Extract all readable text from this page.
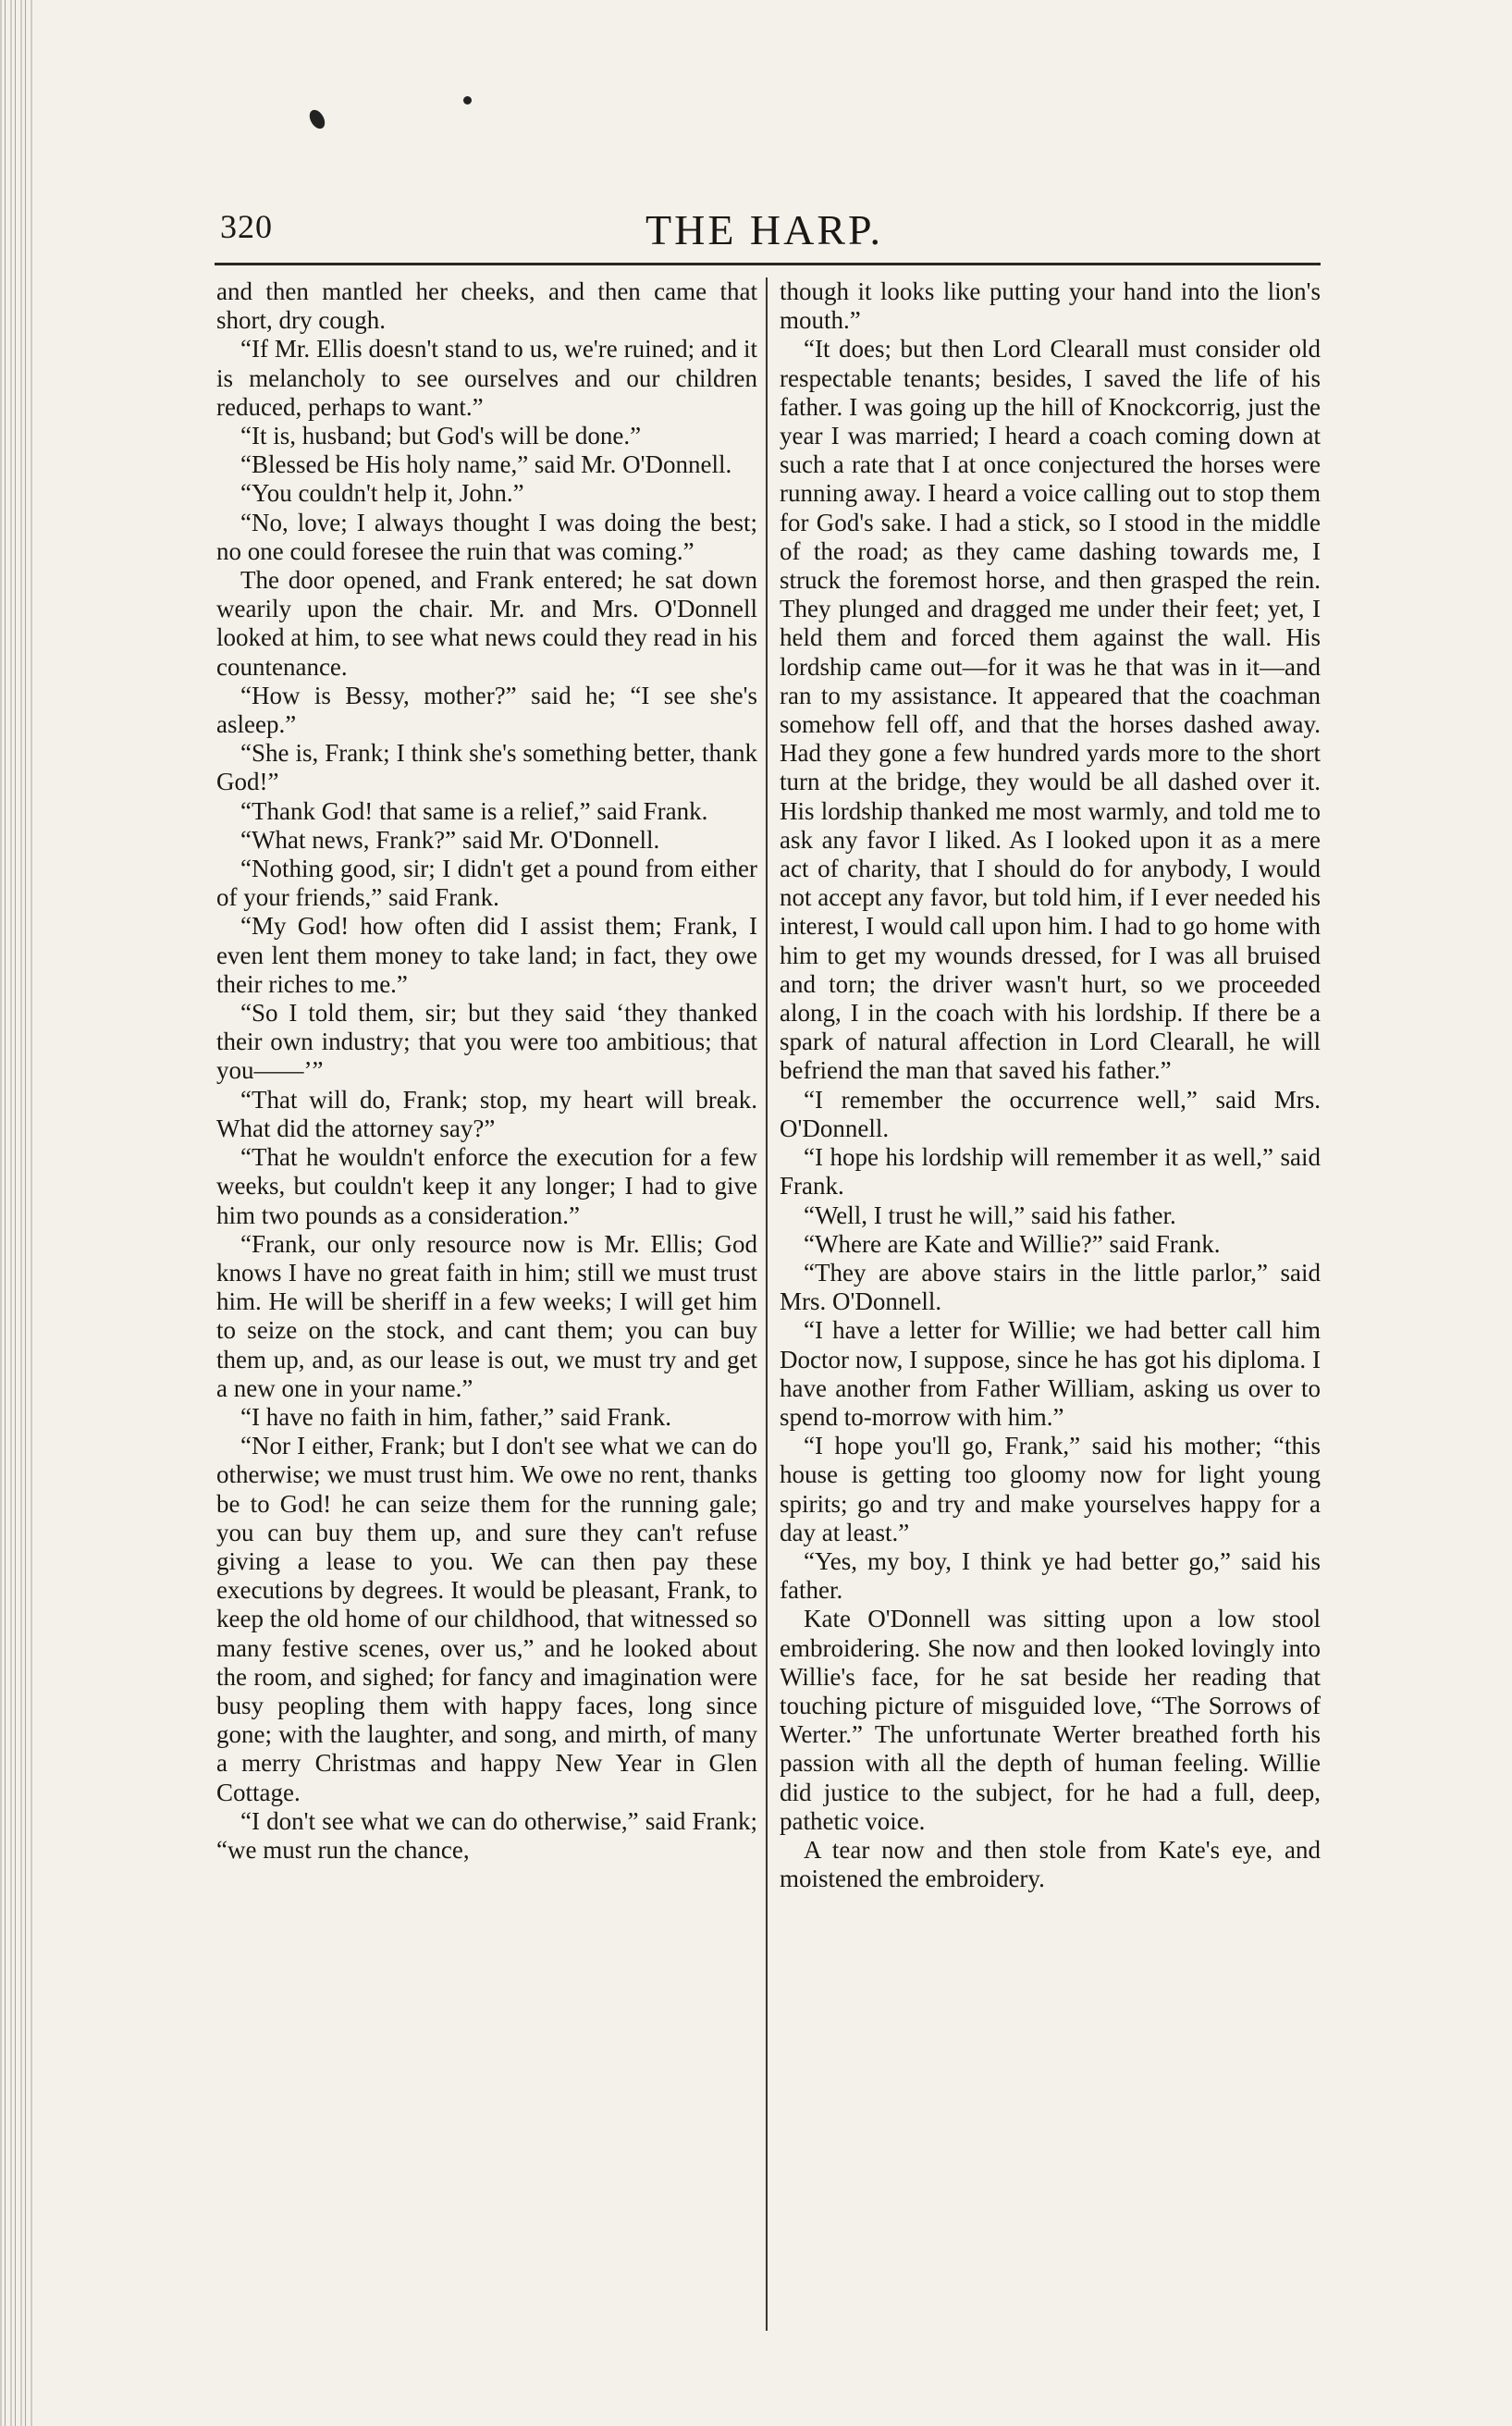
320	THE HARP.

and then mantled her cheeks, and then came that short, dry cough.

“If Mr. Ellis doesn't stand to us, we're ruined; and it is melancholy to see ourselves and our children reduced, perhaps to want.”

“It is, husband; but God's will be done.”

“Blessed be His holy name,” said Mr. O'Donnell.

“You couldn't help it, John.”

“No, love; I always thought I was doing the best; no one could foresee the ruin that was coming.”

The door opened, and Frank entered; he sat down wearily upon the chair. Mr. and Mrs. O'Donnell looked at him, to see what news could they read in his countenance.

“How is Bessy, mother?” said he; “I see she's asleep.”

“She is, Frank; I think she's something better, thank God!”

“Thank God! that same is a relief,” said Frank.

“What news, Frank?” said Mr. O'Donnell.

“Nothing good, sir; I didn't get a pound from either of your friends,” said Frank.

“My God! how often did I assist them; Frank, I even lent them money to take land; in fact, they owe their riches to me.”

“So I told them, sir; but they said ‘they thanked their own industry; that you were too ambitious; that you——’”

“That will do, Frank; stop, my heart will break. What did the attorney say?”

“That he wouldn't enforce the execution for a few weeks, but couldn't keep it any longer; I had to give him two pounds as a consideration.”

“Frank, our only resource now is Mr. Ellis; God knows I have no great faith in him; still we must trust him. He will be sheriff in a few weeks; I will get him to seize on the stock, and cant them; you can buy them up, and, as our lease is out, we must try and get a new one in your name.”

“I have no faith in him, father,” said Frank.

“Nor I either, Frank; but I don't see what we can do otherwise; we must trust him. We owe no rent, thanks be to God! he can seize them for the running gale; you can buy them up, and sure they can't refuse giving a lease to you. We can then pay these executions by degrees. It would be pleasant, Frank, to keep the old home of our childhood, that witnessed so many festive scenes, over us,” and he looked about the room, and sighed; for fancy and imagination were busy peopling them with happy faces, long since gone; with the laughter, and song, and mirth, of many a merry Christmas and happy New Year in Glen Cottage.

“I don't see what we can do otherwise,” said Frank; “we must run the chance,

though it looks like putting your hand into the lion's mouth.”

“It does; but then Lord Clearall must consider old respectable tenants; besides, I saved the life of his father. I was going up the hill of Knockcorrig, just the year I was married; I heard a coach coming down at such a rate that I at once conjectured the horses were running away. I heard a voice calling out to stop them for God's sake. I had a stick, so I stood in the middle of the road; as they came dashing towards me, I struck the foremost horse, and then grasped the rein. They plunged and dragged me under their feet; yet, I held them and forced them against the wall. His lordship came out—for it was he that was in it—and ran to my assistance. It appeared that the coachman somehow fell off, and that the horses dashed away. Had they gone a few hundred yards more to the short turn at the bridge, they would be all dashed over it. His lordship thanked me most warmly, and told me to ask any favor I liked. As I looked upon it as a mere act of charity, that I should do for anybody, I would not accept any favor, but told him, if I ever needed his interest, I would call upon him. I had to go home with him to get my wounds dressed, for I was all bruised and torn; the driver wasn't hurt, so we proceeded along, I in the coach with his lordship. If there be a spark of natural affection in Lord Clearall, he will befriend the man that saved his father.”

“I remember the occurrence well,” said Mrs. O'Donnell.

“I hope his lordship will remember it as well,” said Frank.

“Well, I trust he will,” said his father.

“Where are Kate and Willie?” said Frank.

“They are above stairs in the little parlor,” said Mrs. O'Donnell.

“I have a letter for Willie; we had better call him Doctor now, I suppose, since he has got his diploma. I have another from Father William, asking us over to spend to-morrow with him.”

“I hope you'll go, Frank,” said his mother; “this house is getting too gloomy now for light young spirits; go and try and make yourselves happy for a day at least.”

“Yes, my boy, I think ye had better go,” said his father.

Kate O'Donnell was sitting upon a low stool embroidering. She now and then looked lovingly into Willie's face, for he sat beside her reading that touching picture of misguided love, “The Sorrows of Werter.” The unfortunate Werter breathed forth his passion with all the depth of human feeling. Willie did justice to the subject, for he had a full, deep, pathetic voice.

A tear now and then stole from Kate's eye, and moistened the embroidery.
